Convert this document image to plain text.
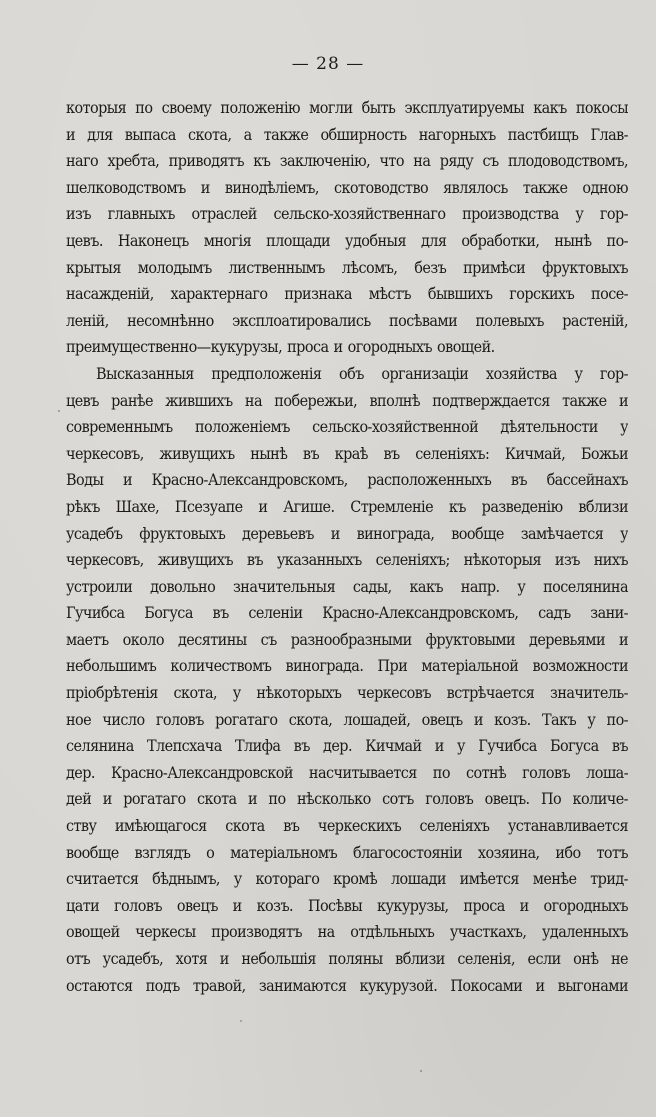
— 28 —
которыя по своему положенію могли быть эксплуатируемы какъ покосы
и для выпаса скота, а также обширность нагорныхъ пастбищъ Глав-
наго хребта, приводятъ къ заключенію, что на ряду съ плодоводствомъ,
шелководствомъ и винодѣліемъ, скотоводство являлось также одною
изъ главныхъ отраслей сельско-хозяйственнаго производства у гор-
цевъ. Наконецъ многія площади удобныя для обработки, нынѣ по-
крытыя молодымъ лиственнымъ лѣсомъ, безъ примѣси фруктовыхъ
насажденій, характернаго признака мѣстъ бывшихъ горскихъ посе-
леній, несомнѣнно эксплоатировались посѣвами полевыхъ растеній,
преимущественно—кукурузы, проса и огородныхъ овощей.
Высказанныя предположенія объ организаціи хозяйства у гор-
цевъ ранѣе жившихъ на побережьи, вполнѣ подтверждается также и
современнымъ положеніемъ сельско-хозяйственной дѣятельности у
черкесовъ, живущихъ нынѣ въ краѣ въ селеніяхъ: Кичмай, Божьи
Воды и Красно-Александровскомъ, расположенныхъ въ бассейнахъ
рѣкъ Шахе, Псезуапе и Агише. Стремленіе къ разведенію вблизи
усадебъ фруктовыхъ деревьевъ и винограда, вообще замѣчается у
черкесовъ, живущихъ въ указанныхъ селеніяхъ; нѣкоторыя изъ нихъ
устроили довольно значительныя сады, какъ напр. у поселянина
Гучибса Богуса въ селеніи Красно-Александровскомъ, садъ зани-
маетъ около десятины съ разнообразными фруктовыми деревьями и
небольшимъ количествомъ винограда. При матеріальной возможности
пріобрѣтенія скота, у нѣкоторыхъ черкесовъ встрѣчается значитель-
ное число головъ рогатаго скота, лошадей, овецъ и козъ. Такъ у по-
селянина Тлепсхача Тлифа въ дер. Кичмай и у Гучибса Богуса въ
дер. Красно-Александровской насчитывается по сотнѣ головъ лоша-
дей и рогатаго скота и по нѣсколько сотъ головъ овецъ. По количе-
ству имѣющагося скота въ черкескихъ селеніяхъ устанавливается
вообще взглядъ о матеріальномъ благосостояніи хозяина, ибо тотъ
считается бѣднымъ, у котораго кромѣ лошади имѣется менѣе трид-
цати головъ овецъ и козъ. Посѣвы кукурузы, проса и огородныхъ
овощей черкесы производятъ на отдѣльныхъ участкахъ, удаленныхъ
отъ усадебъ, хотя и небольшія поляны вблизи селенія, если онѣ не
остаются подъ травой, занимаются кукурузой. Покосами и выгонами
